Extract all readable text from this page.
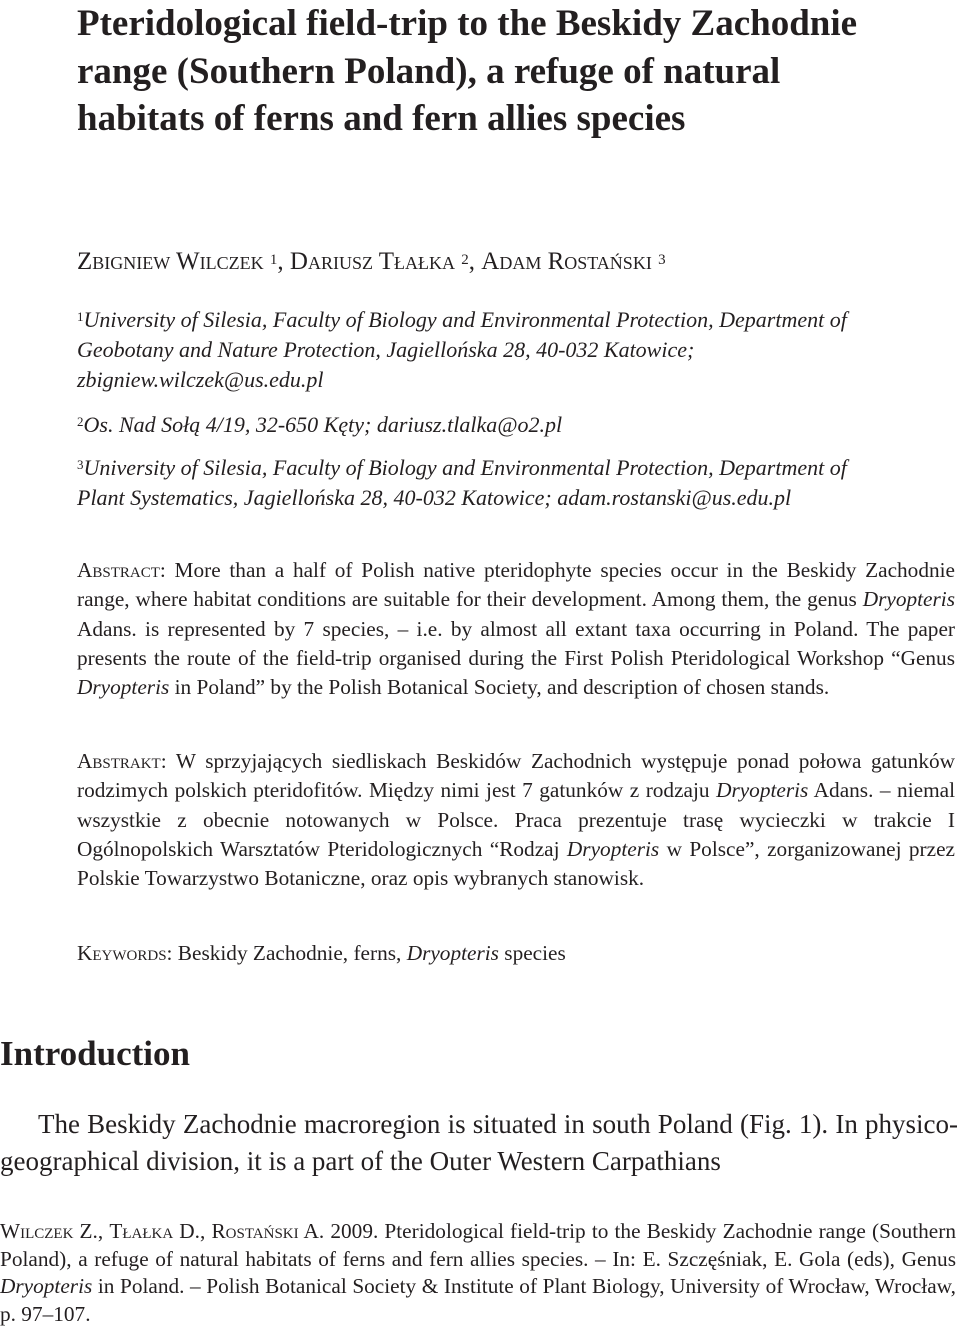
Pteridological field-trip to the Beskidy Zachodnie range (Southern Poland), a refuge of natural habitats of ferns and fern allies species
Zbigniew Wilczek $^1$, Dariusz Tłałka $^2$, Adam Rostański $^3$
$^1$University of Silesia, Faculty of Biology and Environmental Protection, Department of Geobotany and Nature Protection, Jagiellońska 28, 40-032 Katowice; zbigniew.wilczek@us.edu.pl
$^2$Os. Nad Sołą 4/19, 32-650 Kęty; dariusz.tlalka@o2.pl
$^3$University of Silesia, Faculty of Biology and Environmental Protection, Department of Plant Systematics, Jagiellońska 28, 40-032 Katowice; adam.rostanski@us.edu.pl
Abstract: More than a half of Polish native pteridophyte species occur in the Beskidy Zachodnie range, where habitat conditions are suitable for their development. Among them, the genus Dryopteris Adans. is represented by 7 species, – i.e. by almost all extant taxa occurring in Poland. The paper presents the route of the field-trip organised during the First Polish Pteridological Workshop “Genus Dryopteris in Poland” by the Polish Botanical Society, and description of chosen stands.
Abstrakt: W sprzyjających siedliskach Beskidów Zachodnich występuje ponad połowa gatunków rodzimych polskich pteridofitów. Między nimi jest 7 gatunków z rodzaju Dryopteris Adans. – niemal wszystkie z obecnie notowanych w Polsce. Praca prezentuje trasę wycieczki w trakcie I Ogólnopolskich Warsztatów Pteridologicznych “Rodzaj Dryopteris w Polsce”, zorganizowanej przez Polskie Towarzystwo Botaniczne, oraz opis wybranych stanowisk.
Keywords: Beskidy Zachodnie, ferns, Dryopteris species
Introduction
The Beskidy Zachodnie macroregion is situated in south Poland (Fig. 1). In physico-geographical division, it is a part of the Outer Western Carpathians
Wilczek Z., Tłałka D., Rostański A. 2009. Pteridological field-trip to the Beskidy Zachodnie range (Southern Poland), a refuge of natural habitats of ferns and fern allies species. – In: E. Szczęśniak, E. Gola (eds), Genus Dryopteris in Poland. – Polish Botanical Society & Institute of Plant Biology, University of Wrocław, Wrocław, p. 97–107.
